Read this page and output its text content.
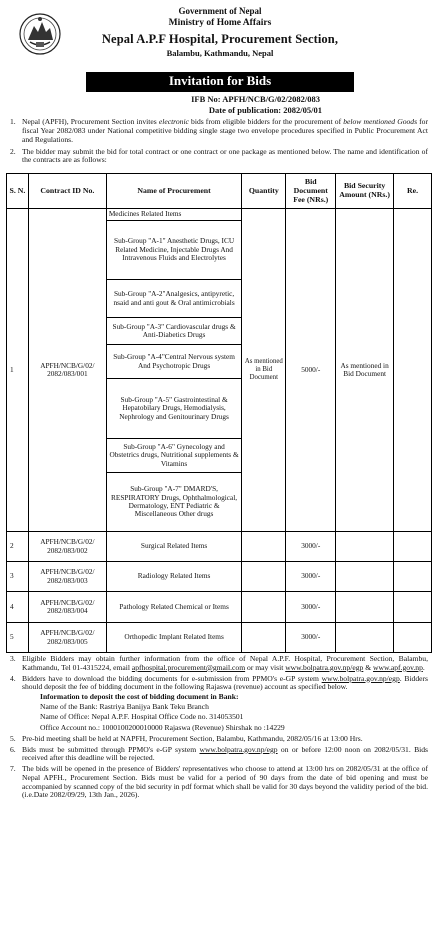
Government of Nepal
Ministry of Home Affairs
Nepal A.P.F Hospital, Procurement Section,
Balambu, Kathmandu, Nepal
Invitation for Bids
IFB No: APFH/NCB/G/02/2082/083
Date of publication: 2082/05/01
1. Nepal (APFH), Procurement Section invites electronic bids from eligible bidders for the procurement of below mentioned Goods for fiscal Year 2082/083 under National competitive bidding single stage two envelope procedures specified in Public Procurement Act and Regulations.
2. The bidder may submit the bid for total contract or one contract or one package as mentioned below. The name and identification of the contracts are as follows:
S. N.	Contract ID No.	Name of Procurement	Quantity	Bid Document Fee (NRs.)	Bid Security Amount (NRs.)	Re.
1	APFH/NCB/G/02/ 2082/083/001	Medicines Related Items	As mentioned in Bid Document	5000/-	As mentioned in Bid Document	
		Sub-Group "A-1" Anesthetic Drugs, ICU Related Medicine, Injectable Drugs And Intravenous Fluids and Electrolytes				
		Sub-Group "A-2"Analgesics, antipyretic, nsaid and anti gout & Oral antimicrobials				
		Sub-Group "A-3" Cardiovascular drugs & Anti-Diabetics Drugs				
		Sub-Group "A-4"Central Nervous system And Psychotropic Drugs				
		Sub-Group "A-5" Gastrointestinal & Hepatobilary Drugs, Hemodialysis, Nephrology and Genitourinary Drugs				
		Sub-Group "A-6" Gynecology and Obstetrics drugs, Nutritional supplements & Vitamins				
		Sub-Group "A-7" DMARD'S, RESPIRATORY Drugs, Ophthalmological, Dermatology, ENT Pediatric & Miscellaneous Other drugs				
2	APFH/NCB/G/02/ 2082/083/002	Surgical Related Items		3000/-		
3	APFH/NCB/G/02/ 2082/083/003	Radiology Related Items		3000/-		
4	APFH/NCB/G/02/ 2082/083/004	Pathology Related Chemical or Items		3000/-		
5	APFH/NCB/G/02/ 2082/083/005	Orthopedic Implant Related Items		3000/-		
3. Eligible Bidders may obtain further information from the office of Nepal A.P.F. Hospital, Procurement Section, Balambu, Kathmandu, Tel 01-4315224, email apfhospital.procurement@gmail.com or may visit www.bolpatra.gov.np/egp & www.apf.gov.np.
4. Bidders have to download the bidding documents for e-submission from PPMO's e-GP system www.bolpatra.gov.np/egp. Bidders should deposit the fee of bidding document in the following Rajaswa (revenue) account as specified below.
Information to deposit the cost of bidding document in Bank:
Name of the Bank: Rastriya Banijya Bank Teku Branch
Name of Office: Nepal A.P.F. Hospital Office Code no. 314053501
Office Account no.: 1000100200010000 Rajaswa (Revenue) Shirshak no :14229
5. Pre-bid meeting shall be held at NAPFH, Procurement Section, Balambu, Kathmandu, 2082/05/16 at 13:00 Hrs.
6. Bids must be submitted through PPMO's e-GP system www.bolpatra.gov.np/egp on or before 12:00 noon on 2082/05/31. Bids received after this deadline will be rejected.
7. The bids will be opened in the presence of Bidders' representatives who choose to attend at 13:00 hrs on 2082/05/31 at the office of Nepal APFH., Procurement Section. Bids must be valid for a period of 90 days from the date of bid opening and must be accompanied by scanned copy of the bid security in pdf format which shall be valid for 30 days beyond the validity period of the bid. (i.e.Date 2082/09/29, 13th Jan., 2026).
